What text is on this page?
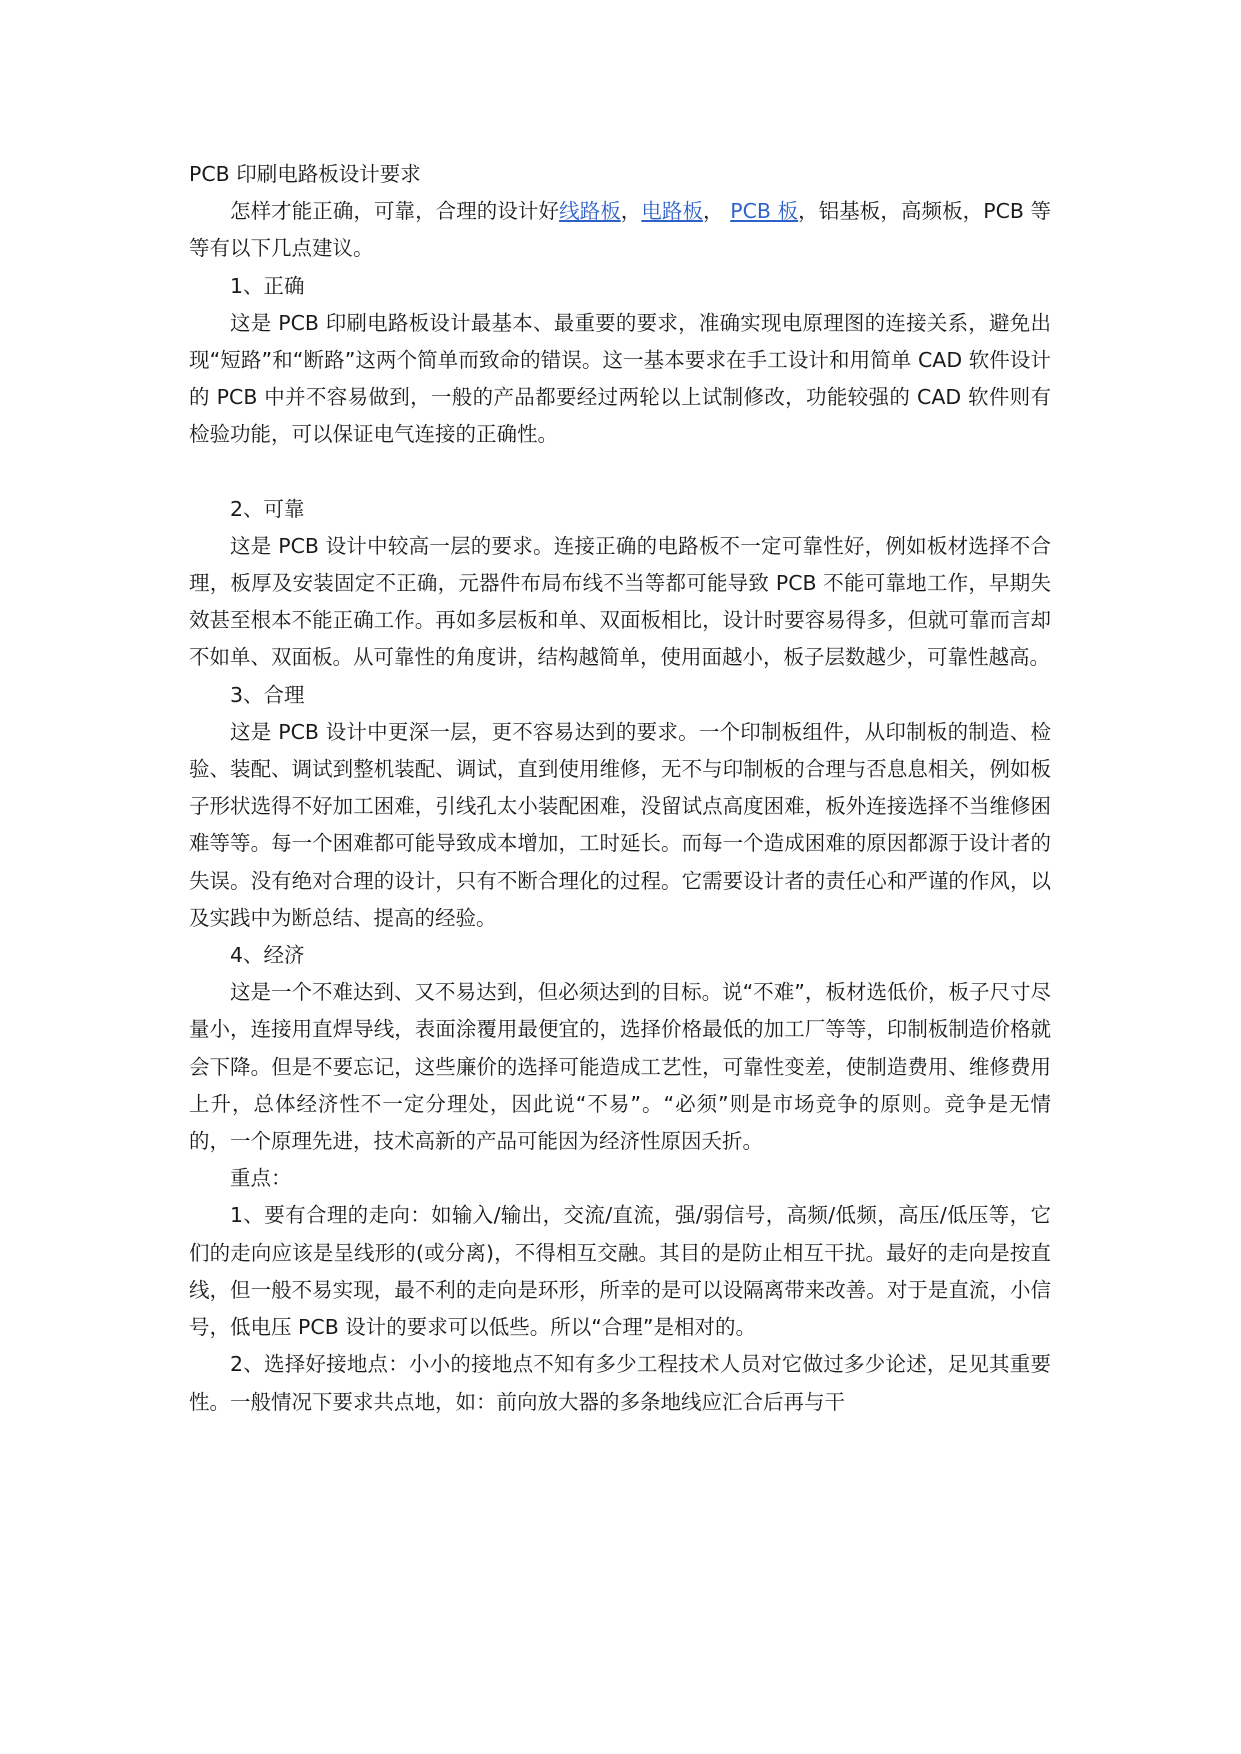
PCB 印刷电路板设计要求

怎样才能正确，可靠，合理的设计好线路板，电路板， PCB 板，铝基板，高频板，PCB 等等有以下几点建议。

1、正确

这是 PCB 印刷电路板设计最基本、最重要的要求，准确实现电原理图的连接关系，避免出现“短路”和“断路”这两个简单而致命的错误。这一基本要求在手工设计和用简单 CAD 软件设计的 PCB 中并不容易做到，一般的产品都要经过两轮以上试制修改，功能较强的 CAD 软件则有检验功能，可以保证电气连接的正确性。

2、可靠

这是 PCB 设计中较高一层的要求。连接正确的电路板不一定可靠性好，例如板材选择不合理，板厚及安装固定不正确，元器件布局布线不当等都可能导致 PCB 不能可靠地工作，早期失效甚至根本不能正确工作。再如多层板和单、双面板相比，设计时要容易得多，但就可靠而言却不如单、双面板。从可靠性的角度讲，结构越简单，使用面越小，板子层数越少，可靠性越高。

3、合理

这是 PCB 设计中更深一层，更不容易达到的要求。一个印制板组件，从印制板的制造、检验、装配、调试到整机装配、调试，直到使用维修，无不与印制板的合理与否息息相关，例如板子形状选得不好加工困难，引线孔太小装配困难，没留试点高度困难，板外连接选择不当维修困难等等。每一个困难都可能导致成本增加，工时延长。而每一个造成困难的原因都源于设计者的失误。没有绝对合理的设计，只有不断合理化的过程。它需要设计者的责任心和严谨的作风，以及实践中为断总结、提高的经验。

4、经济

这是一个不难达到、又不易达到，但必须达到的目标。说“不难”，板材选低价，板子尺寸尽量小，连接用直焊导线，表面涂覆用最便宜的，选择价格最低的加工厂等等，印制板制造价格就会下降。但是不要忘记，这些廉价的选择可能造成工艺性，可靠性变差，使制造费用、维修费用上升，总体经济性不一定分理处，因此说“不易”。“必须”则是市场竞争的原则。竞争是无情的，一个原理先进，技术高新的产品可能因为经济性原因夭折。

重点：

1、要有合理的走向：如输入/输出，交流/直流，强/弱信号，高频/低频，高压/低压等，它们的走向应该是呈线形的(或分离)，不得相互交融。其目的是防止相互干扰。最好的走向是按直线，但一般不易实现，最不利的走向是环形，所幸的是可以设隔离带来改善。对于是直流，小信号，低电压 PCB 设计的要求可以低些。所以“合理”是相对的。

2、选择好接地点：小小的接地点不知有多少工程技术人员对它做过多少论述，足见其重要性。一般情况下要求共点地，如：前向放大器的多条地线应汇合后再与干
